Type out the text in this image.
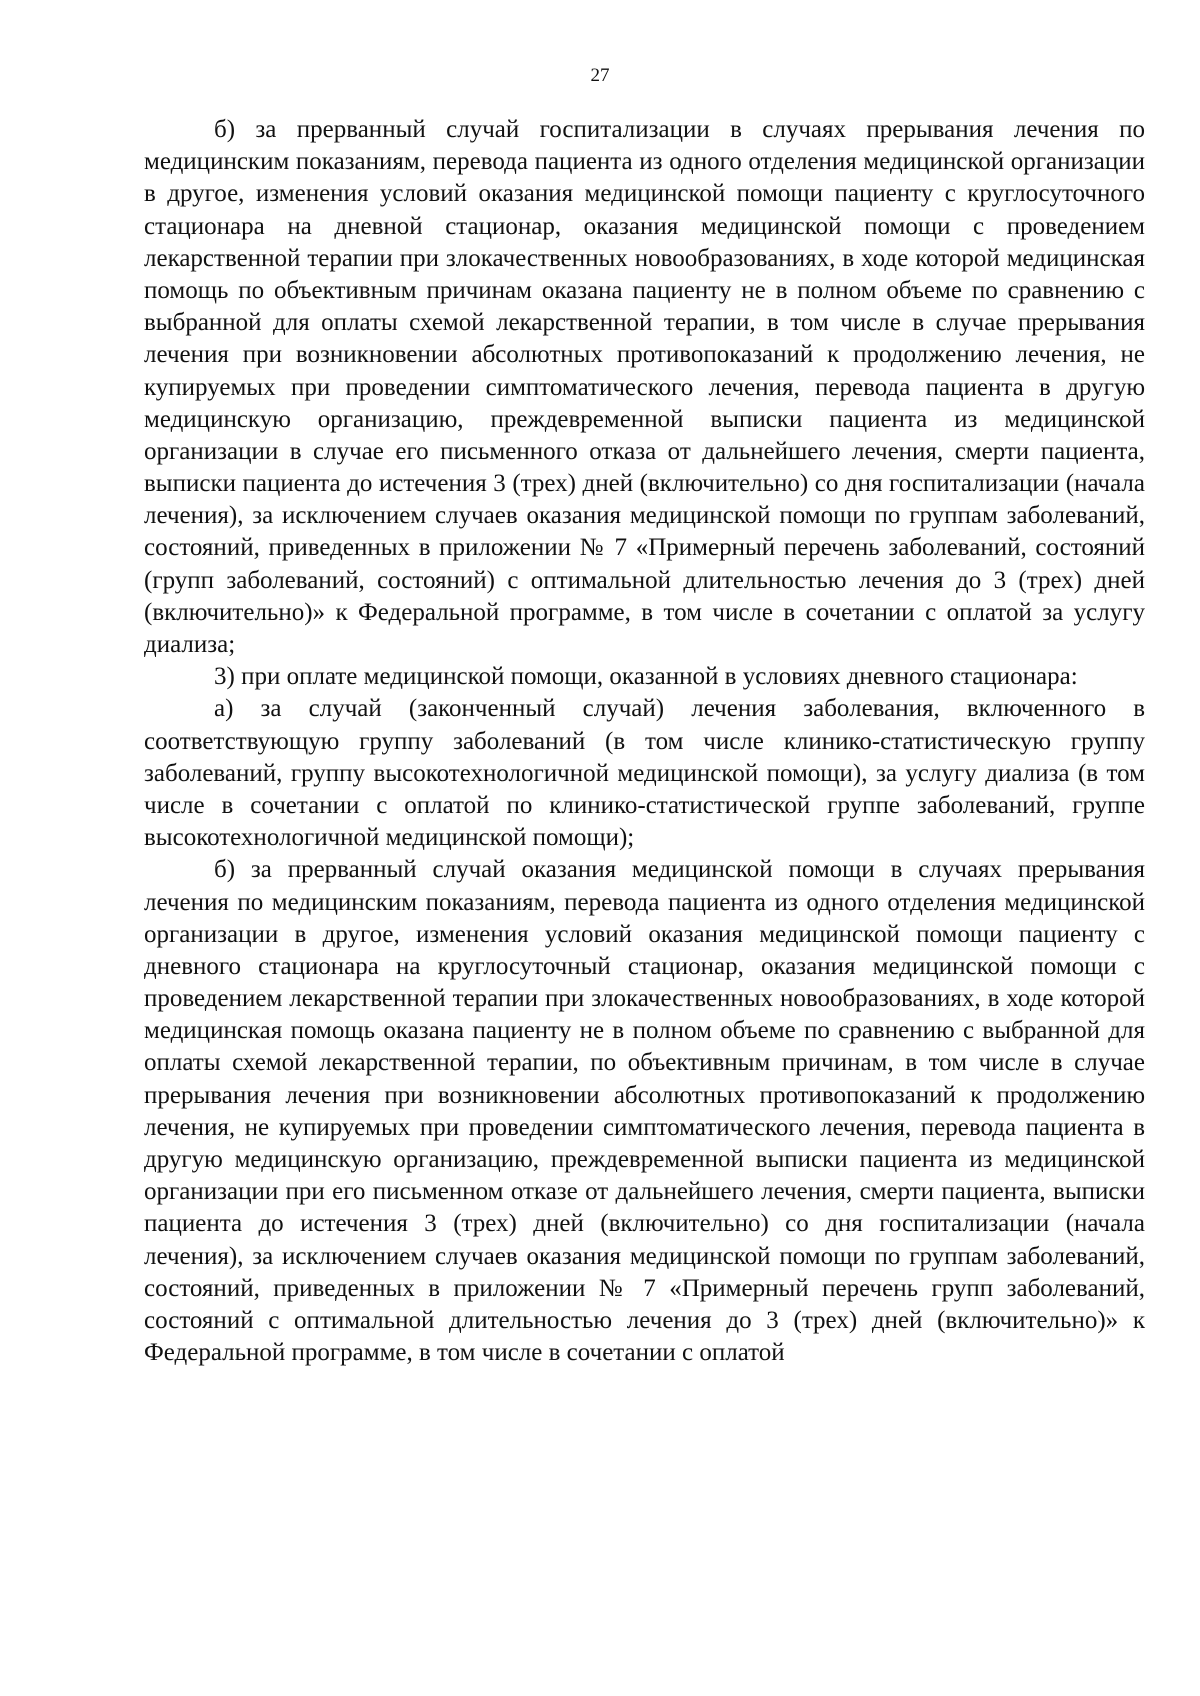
27

б) за прерванный случай госпитализации в случаях прерывания лечения по медицинским показаниям, перевода пациента из одного отделения медицинской организации в другое, изменения условий оказания медицинской помощи пациенту с круглосуточного стационара на дневной стационар, оказания медицинской помощи с проведением лекарственной терапии при злокачественных новообразованиях, в ходе которой медицинская помощь по объективным причинам оказана пациенту не в полном объеме по сравнению с выбранной для оплаты схемой лекарственной терапии, в том числе в случае прерывания лечения при возникновении абсолютных противопоказаний к продолжению лечения, не купируемых при проведении симптоматического лечения, перевода пациента в другую медицинскую организацию, преждевременной выписки пациента из медицинской организации в случае его письменного отказа от дальнейшего лечения, смерти пациента, выписки пациента до истечения 3 (трех) дней (включительно) со дня госпитализации (начала лечения), за исключением случаев оказания медицинской помощи по группам заболеваний, состояний, приведенных в приложении № 7 «Примерный перечень заболеваний, состояний (групп заболеваний, состояний) с оптимальной длительностью лечения до 3 (трех) дней (включительно)» к Федеральной программе, в том числе в сочетании с оплатой за услугу диализа;

3) при оплате медицинской помощи, оказанной в условиях дневного стационара:

а) за случай (законченный случай) лечения заболевания, включенного в соответствующую группу заболеваний (в том числе клинико-статистическую группу заболеваний, группу высокотехнологичной медицинской помощи), за услугу диализа (в том числе в сочетании с оплатой по клинико-статистической группе заболеваний, группе высокотехнологичной медицинской помощи);

б) за прерванный случай оказания медицинской помощи в случаях прерывания лечения по медицинским показаниям, перевода пациента из одного отделения медицинской организации в другое, изменения условий оказания медицинской помощи пациенту с дневного стационара на круглосуточный стационар, оказания медицинской помощи с проведением лекарственной терапии при злокачественных новообразованиях, в ходе которой медицинская помощь оказана пациенту не в полном объеме по сравнению с выбранной для оплаты схемой лекарственной терапии, по объективным причинам, в том числе в случае прерывания лечения при возникновении абсолютных противопоказаний к продолжению лечения, не купируемых при проведении симптоматического лечения, перевода пациента в другую медицинскую организацию, преждевременной выписки пациента из медицинской организации при его письменном отказе от дальнейшего лечения, смерти пациента, выписки пациента до истечения 3 (трех) дней (включительно) со дня госпитализации (начала лечения), за исключением случаев оказания медицинской помощи по группам заболеваний, состояний, приведенных в приложении № 7 «Примерный перечень групп заболеваний, состояний с оптимальной длительностью лечения до 3 (трех) дней (включительно)» к Федеральной программе, в том числе в сочетании с оплатой
